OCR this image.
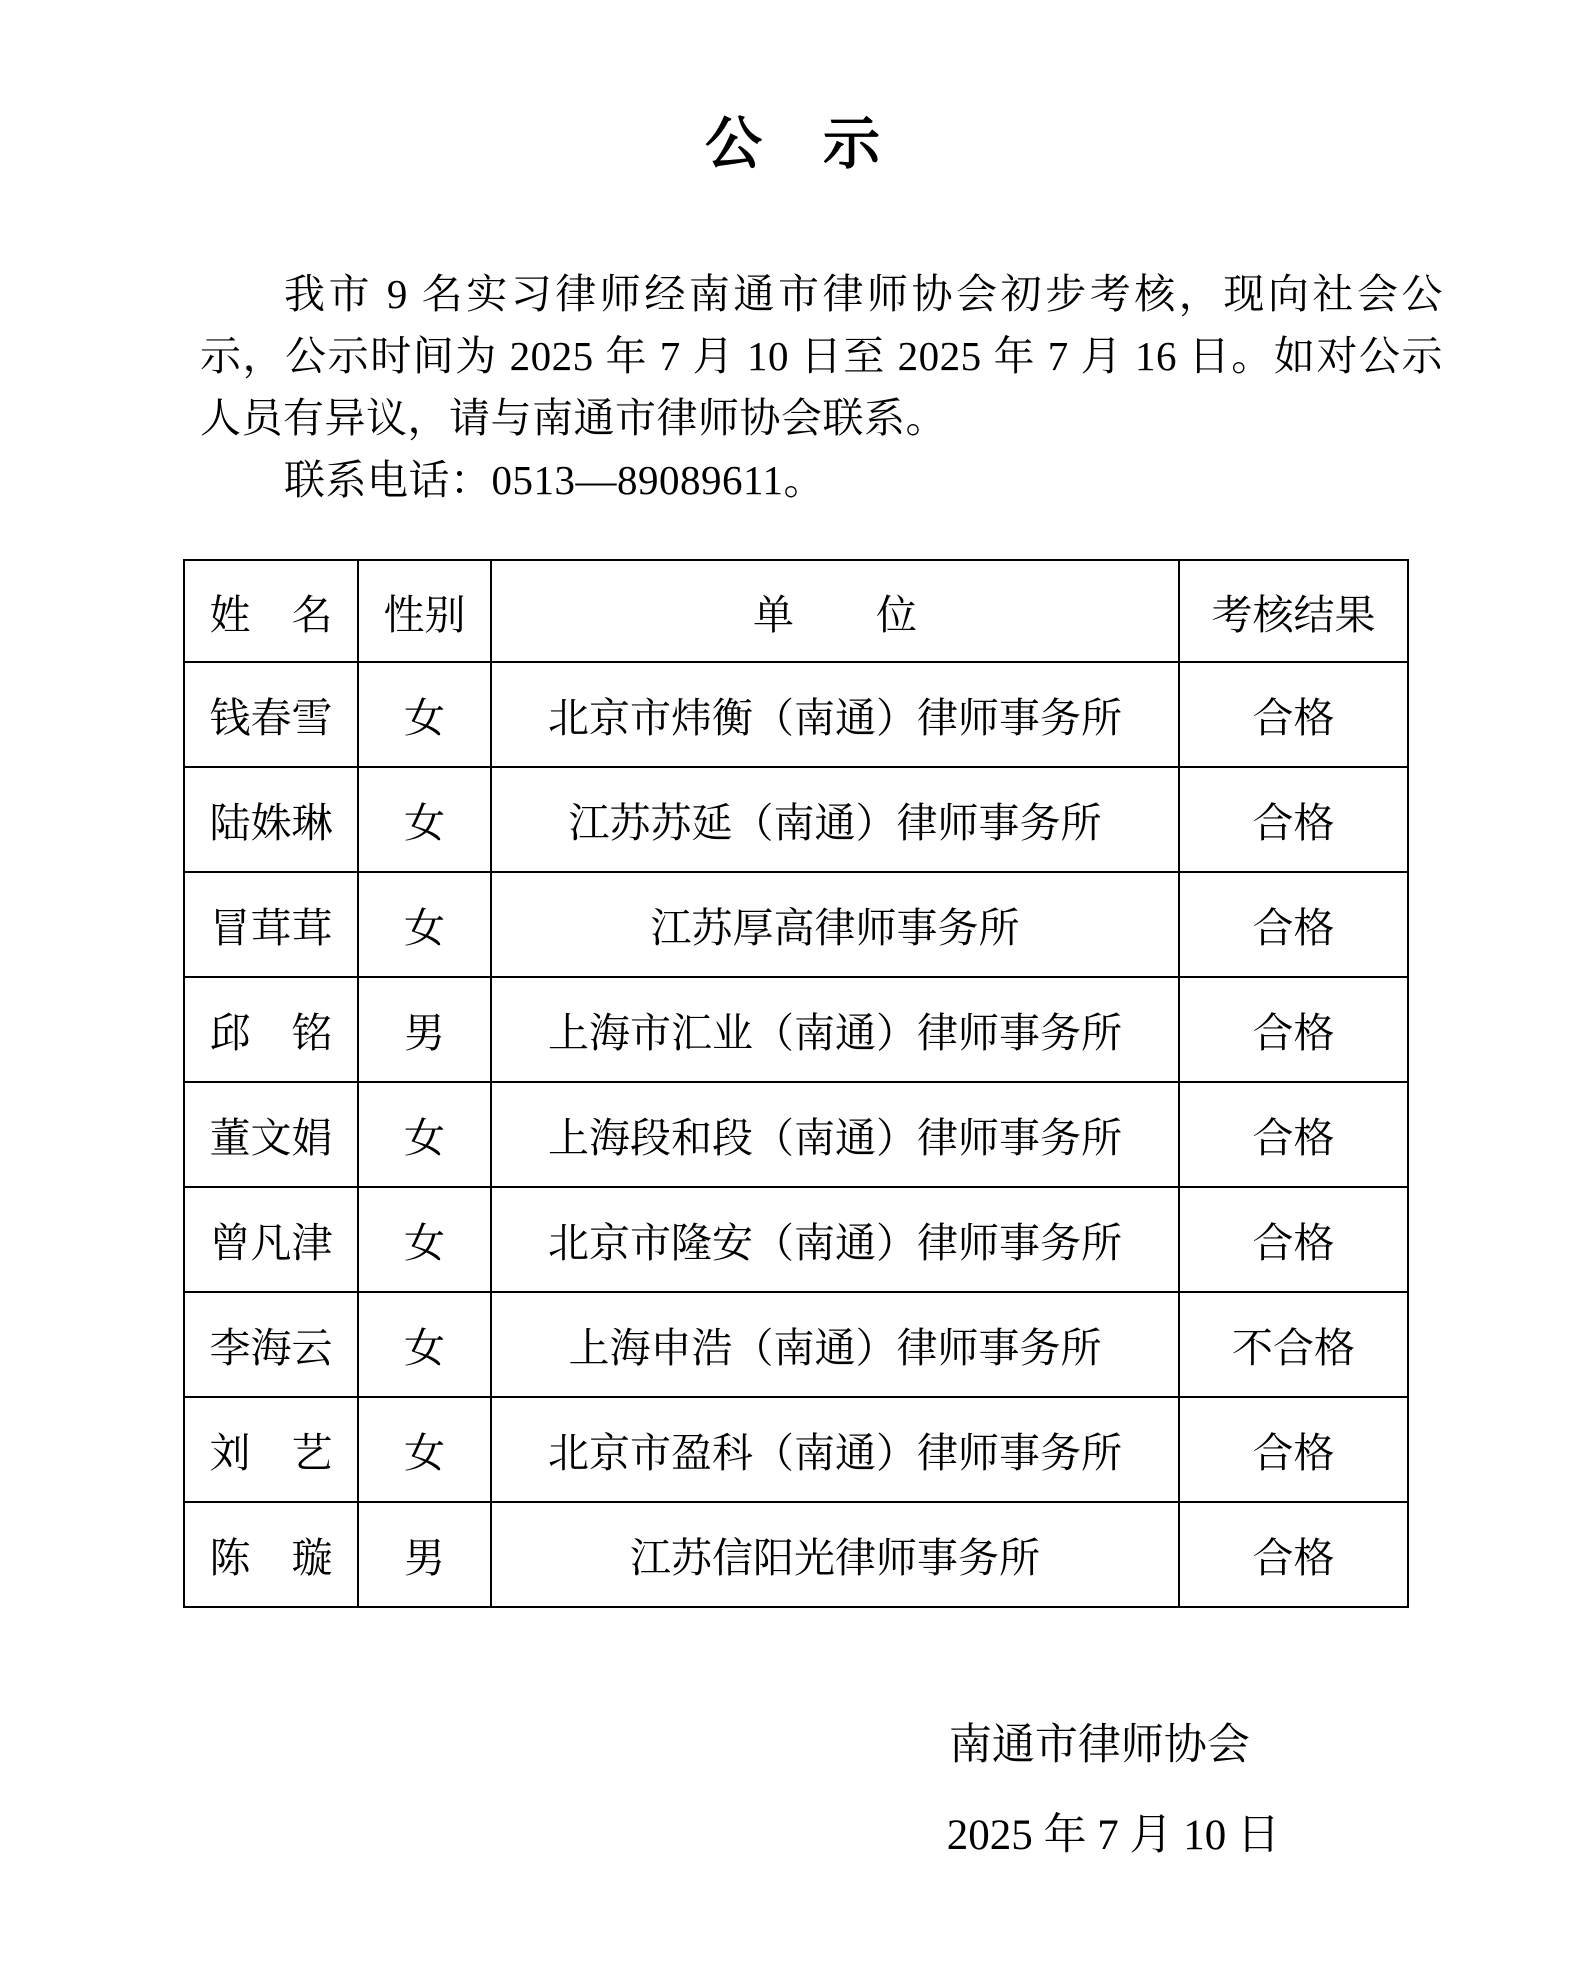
公　示

我市 9 名实习律师经南通市律师协会初步考核，现向社会公示，公示时间为 2025 年 7 月 10 日至 2025 年 7 月 16 日。如对公示人员有异议，请与南通市律师协会联系。

联系电话：0513—89089611。

姓　名	性别	单　　位	考核结果
钱春雪	女	北京市炜衡（南通）律师事务所	合格
陆姝琳	女	江苏苏延（南通）律师事务所	合格
冒茸茸	女	江苏厚高律师事务所	合格
邱　铭	男	上海市汇业（南通）律师事务所	合格
董文娟	女	上海段和段（南通）律师事务所	合格
曾凡津	女	北京市隆安（南通）律师事务所	合格
李海云	女	上海申浩（南通）律师事务所	不合格
刘　艺	女	北京市盈科（南通）律师事务所	合格
陈　璇	男	江苏信阳光律师事务所	合格

南通市律师协会

2025 年 7 月 10 日
